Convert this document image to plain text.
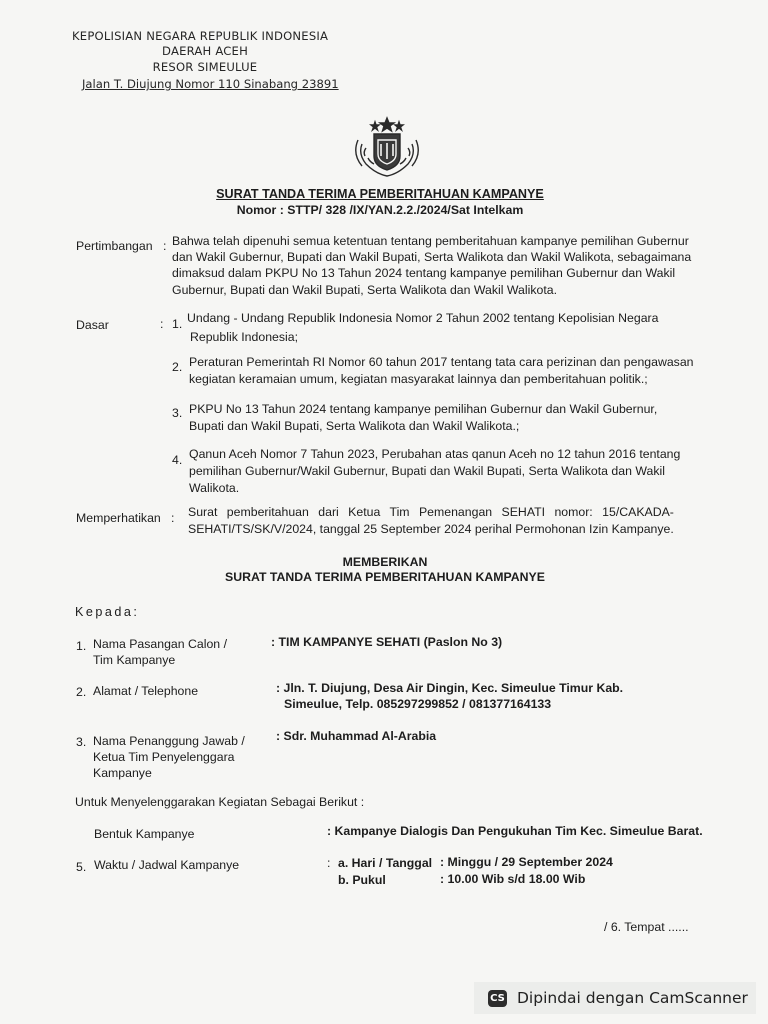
KEPOLISIAN NEGARA REPUBLIK INDONESIA
DAERAH ACEH
RESOR SIMEULUE
Jalan T. Diujung Nomor 110 Sinabang 23891
SURAT TANDA TERIMA PEMBERITAHUAN KAMPANYE
Nomor : STTP/ 328 /IX/YAN.2.2./2024/Sat Intelkam
Pertimbangan : Bahwa telah dipenuhi semua ketentuan tentang pemberitahuan kampanye pemilihan Gubernur
dan Wakil Gubernur, Bupati dan Wakil Bupati, Serta Walikota dan Wakil Walikota, sebagaimana
dimaksud dalam PKPU No 13 Tahun 2024 tentang kampanye pemilihan Gubernur dan Wakil
Gubernur, Bupati dan Wakil Bupati, Serta Walikota dan Wakil Walikota.
Dasar	: 1. Undang - Undang Republik Indonesia Nomor 2 Tahun 2002 tentang Kepolisian Negara
Republik Indonesia;
2. Peraturan Pemerintah RI Nomor 60 tahun 2017 tentang tata cara perizinan dan pengawasan
kegiatan keramaian umum, kegiatan masyarakat lainnya dan pemberitahuan politik.;
3. PKPU No 13 Tahun 2024 tentang kampanye pemilihan Gubernur dan Wakil Gubernur,
Bupati dan Wakil Bupati, Serta Walikota dan Wakil Walikota.;
4. Qanun Aceh Nomor 7 Tahun 2023, Perubahan atas qanun Aceh no 12 tahun 2016 tentang
pemilihan Gubernur/Wakil Gubernur, Bupati dan Wakil Bupati, Serta Walikota dan Wakil
Walikota.
Memperhatikan : Surat pemberitahuan dari Ketua Tim Pemenangan SEHATI nomor: 15/CAKADA-
SEHATI/TS/SK/V/2024, tanggal 25 September 2024 perihal Permohonan Izin Kampanye.
MEMBERIKAN
SURAT TANDA TERIMA PEMBERITAHUAN KAMPANYE
Kepada:
1. Nama Pasangan Calon /
Tim Kampanye
: TIM KAMPANYE SEHATI (Paslon No 3)
2. Alamat / Telephone	: Jln. T. Diujung, Desa Air Dingin, Kec. Simeulue Timur Kab.
Simeulue, Telp. 085297299852 / 081377164133
3. Nama Penanggung Jawab /
Ketua Tim Penyelenggara
Kampanye
: Sdr. Muhammad Al-Arabia
Untuk Menyelenggarakan Kegiatan Sebagai Berikut :
Bentuk Kampanye	: Kampanye Dialogis Dan Pengukuhan Tim Kec. Simeulue Barat.
5. Waktu / Jadwal Kampanye	: a. Hari / Tanggal : Minggu / 29 September 2024
b. Pukul	: 10.00 Wib s/d 18.00 Wib
/ 6. Tempat ......
CS Dipindai dengan CamScanner
